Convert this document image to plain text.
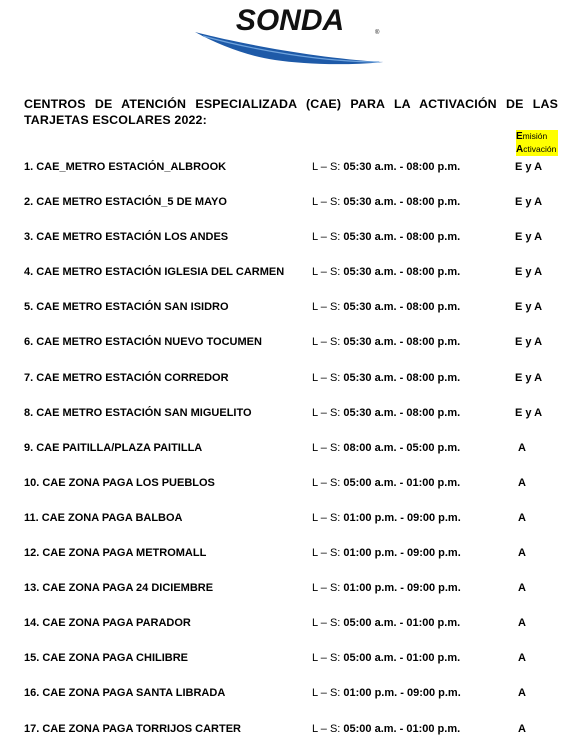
SONDA	®
CENTROS DE ATENCIÓN ESPECIALIZADA (CAE) PARA LA ACTIVACIÓN DE LAS TARJETAS ESCOLARES 2022:
Emisión
Activación
1. CAE_METRO ESTACIÓN_ALBROOK	L – S: 05:30 a.m. - 08:00 p.m.	E y A
2. CAE METRO ESTACIÓN_5 DE MAYO	L – S: 05:30 a.m. - 08:00 p.m.	E y A
3. CAE METRO ESTACIÓN LOS ANDES	L – S: 05:30 a.m. - 08:00 p.m.	E y A
4. CAE METRO ESTACIÓN IGLESIA DEL CARMEN	L – S: 05:30 a.m. - 08:00 p.m.	E y A
5. CAE METRO ESTACIÓN SAN ISIDRO	L – S: 05:30 a.m. - 08:00 p.m.	E y A
6. CAE METRO ESTACIÓN NUEVO TOCUMEN	L – S: 05:30 a.m. - 08:00 p.m.	E y A
7. CAE METRO ESTACIÓN CORREDOR	L – S: 05:30 a.m. - 08:00 p.m.	E y A
8. CAE METRO ESTACIÓN SAN MIGUELITO	L – S: 05:30 a.m. - 08:00 p.m.	E y A
9. CAE PAITILLA/PLAZA PAITILLA	L – S: 08:00 a.m. - 05:00 p.m.	A
10. CAE ZONA PAGA LOS PUEBLOS	L – S: 05:00 a.m. - 01:00 p.m.	A
11. CAE ZONA PAGA BALBOA	L – S: 01:00 p.m. - 09:00 p.m.	A
12. CAE ZONA PAGA METROMALL	L – S: 01:00 p.m. - 09:00 p.m.	A
13. CAE ZONA PAGA 24 DICIEMBRE	L – S: 01:00 p.m. - 09:00 p.m.	A
14. CAE ZONA PAGA PARADOR	L – S: 05:00 a.m. - 01:00 p.m.	A
15. CAE ZONA PAGA CHILIBRE	L – S: 05:00 a.m. - 01:00 p.m.	A
16. CAE ZONA PAGA SANTA LIBRADA	L – S: 01:00 p.m. - 09:00 p.m.	A
17. CAE ZONA PAGA TORRIJOS CARTER	L – S: 05:00 a.m. - 01:00 p.m.	A
